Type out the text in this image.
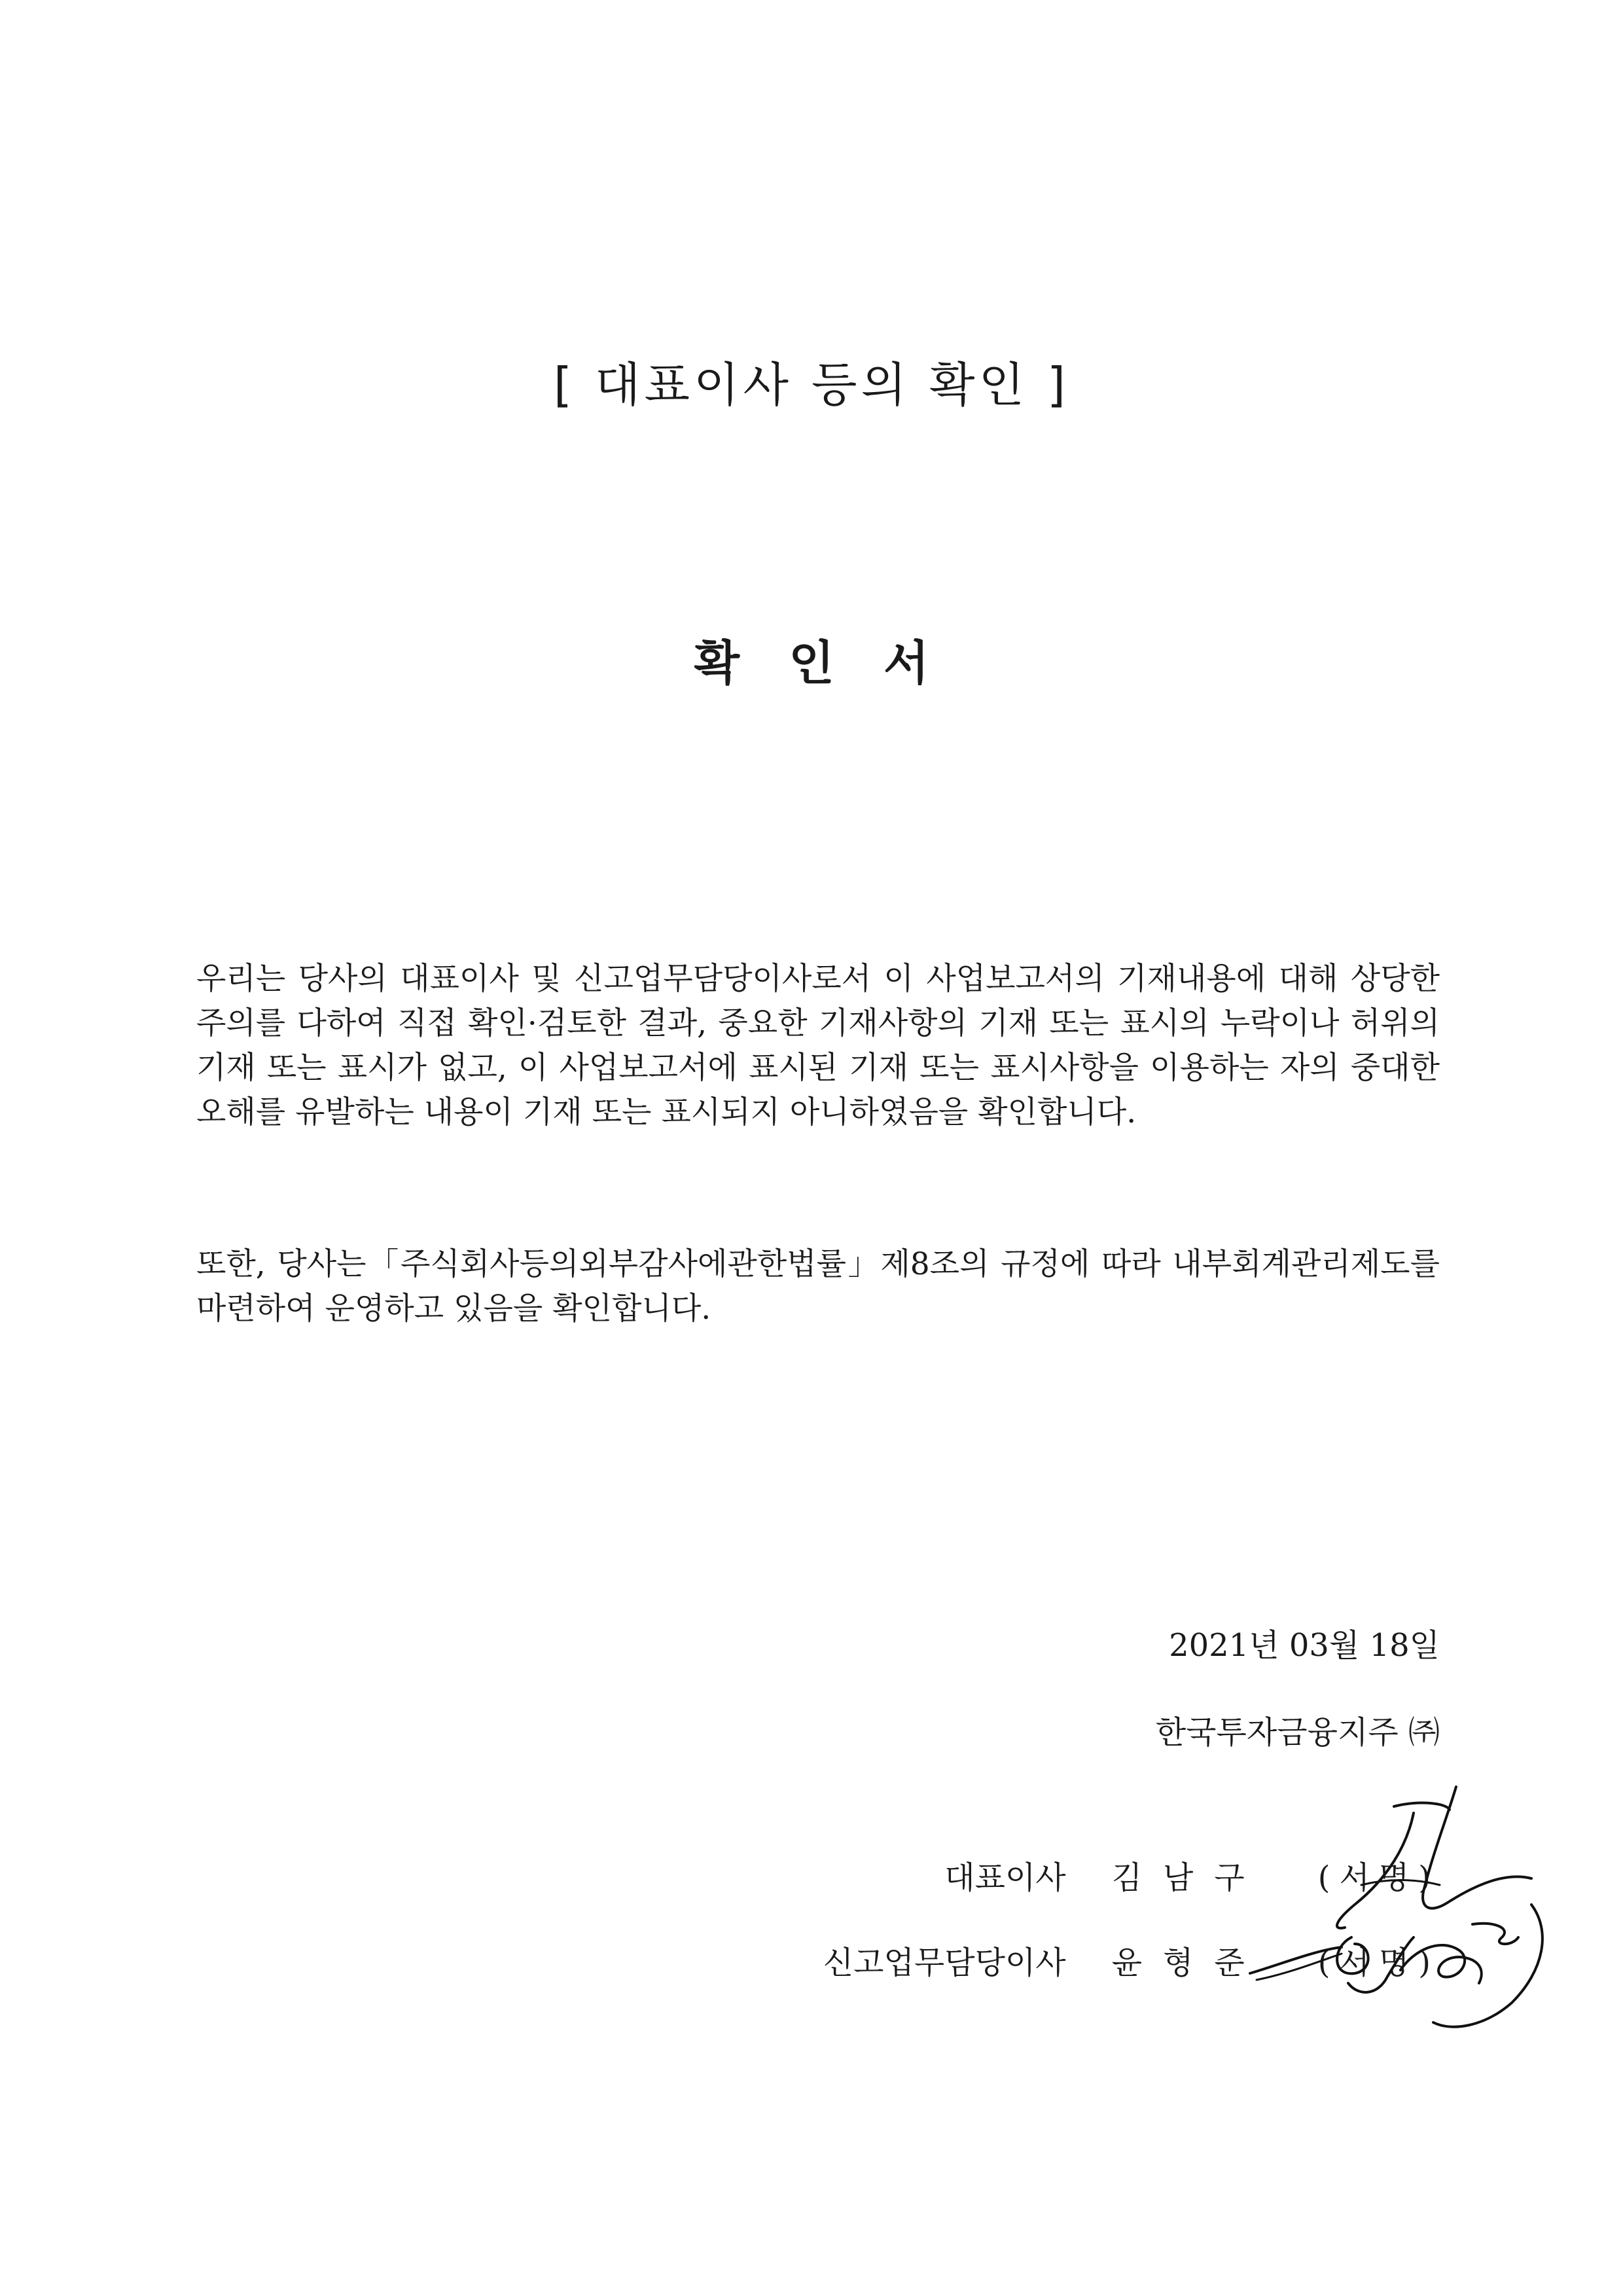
[ 대표이사 등의 확인 ]
확   인   서

우리는 당사의 대표이사 및 신고업무담당이사로서 이 사업보고서의 기재내용에 대해 상당한 주의를 다하여 직접 확인·검토한 결과, 중요한 기재사항의 기재 또는 표시의 누락이나 허위의 기재 또는 표시가 없고, 이 사업보고서에 표시된 기재 또는 표시사항을 이용하는 자의 중대한 오해를 유발하는 내용이 기재 또는 표시되지 아니하였음을 확인합니다.

또한, 당사는「주식회사등의외부감사에관한법률」제8조의 규정에 따라 내부회계관리제도를 마련하여 운영하고 있음을 확인합니다.

2021년 03월 18일
한국투자금융지주 ㈜
대표이사 김남구 (서명)
신고업무담당이사 윤형준 (서명)
